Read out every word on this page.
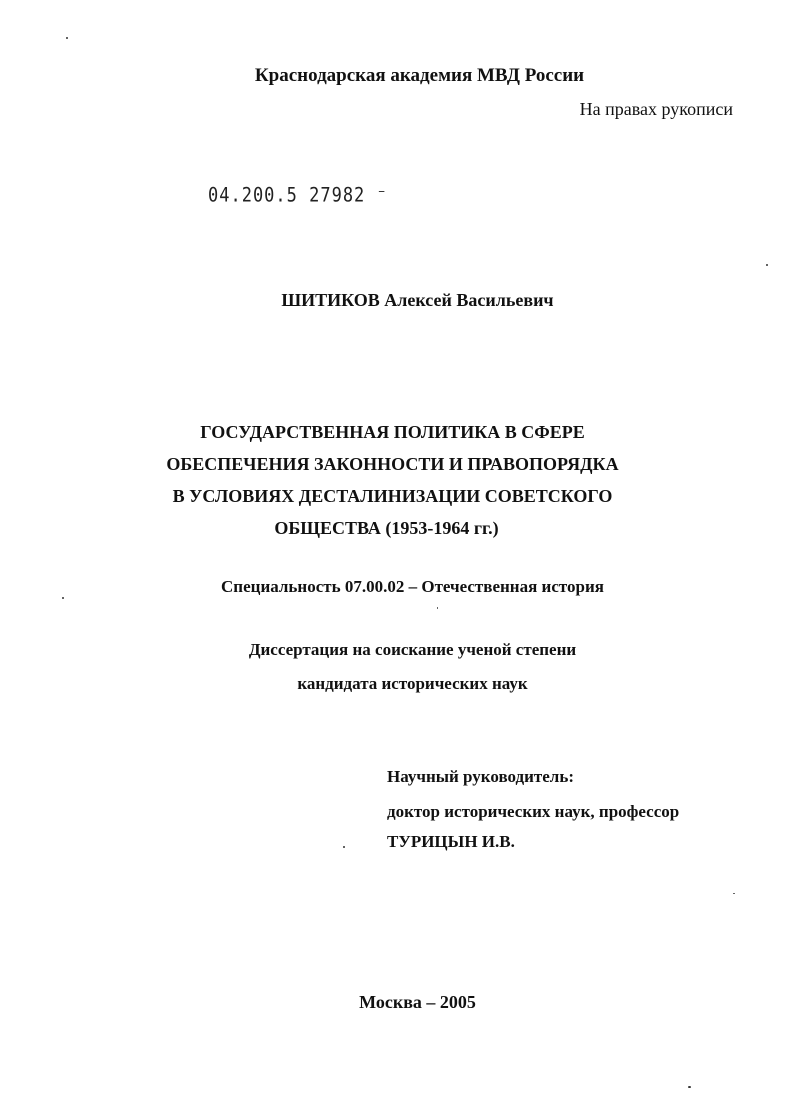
Краснодарская академия МВД России
На правах рукописи
04.200.5 27982 ⁻
ШИТИКОВ Алексей Васильевич
ГОСУДАРСТВЕННАЯ ПОЛИТИКА В СФЕРЕ
ОБЕСПЕЧЕНИЯ ЗАКОННОСТИ И ПРАВОПОРЯДКА
В УСЛОВИЯХ ДЕСТАЛИНИЗАЦИИ СОВЕТСКОГО
ОБЩЕСТВА (1953-1964 гг.)
Специальность 07.00.02 – Отечественная история
Диссертация на соискание ученой степени
кандидата исторических наук
Научный руководитель:
доктор исторических наук, профессор
ТУРИЦЫН И.В.
Москва – 2005
